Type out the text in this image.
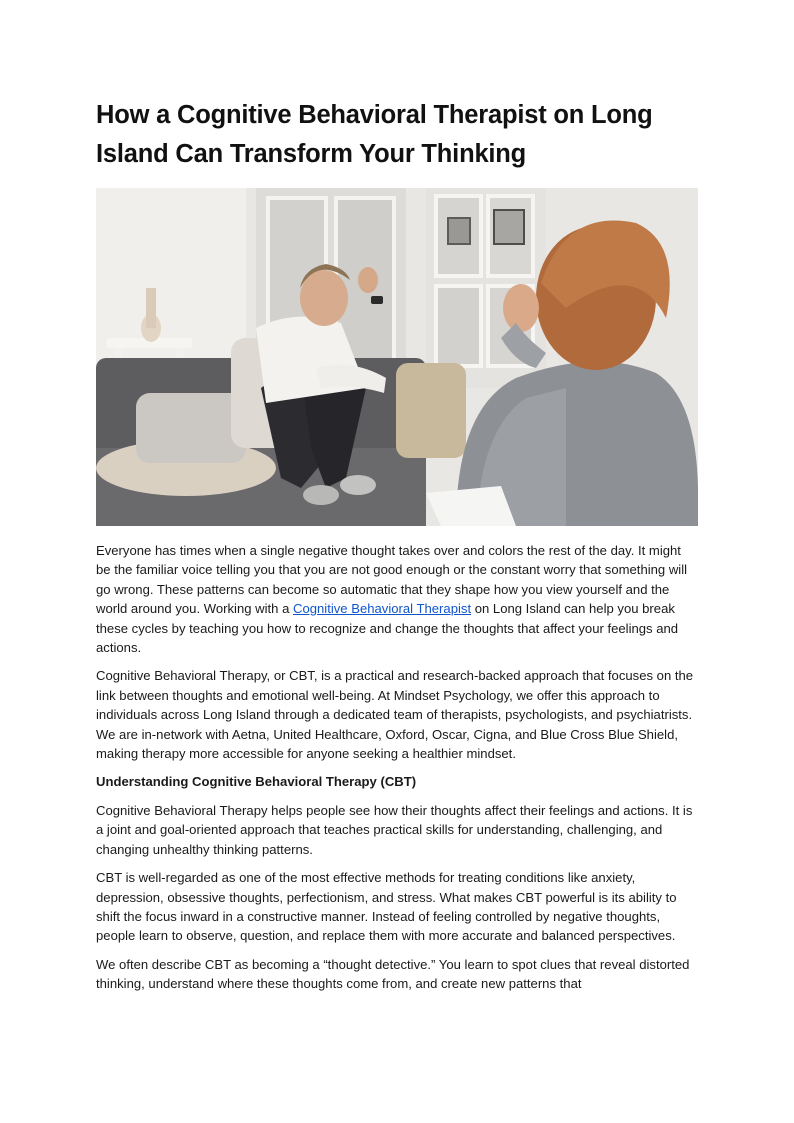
How a Cognitive Behavioral Therapist on Long Island Can Transform Your Thinking

Everyone has times when a single negative thought takes over and colors the rest of the day. It might be the familiar voice telling you that you are not good enough or the constant worry that something will go wrong. These patterns can become so automatic that they shape how you view yourself and the world around you. Working with a Cognitive Behavioral Therapist on Long Island can help you break these cycles by teaching you how to recognize and change the thoughts that affect your feelings and actions.

Cognitive Behavioral Therapy, or CBT, is a practical and research-backed approach that focuses on the link between thoughts and emotional well-being. At Mindset Psychology, we offer this approach to individuals across Long Island through a dedicated team of therapists, psychologists, and psychiatrists. We are in-network with Aetna, United Healthcare, Oxford, Oscar, Cigna, and Blue Cross Blue Shield, making therapy more accessible for anyone seeking a healthier mindset.

Understanding Cognitive Behavioral Therapy (CBT)

Cognitive Behavioral Therapy helps people see how their thoughts affect their feelings and actions. It is a joint and goal-oriented approach that teaches practical skills for understanding, challenging, and changing unhealthy thinking patterns.

CBT is well-regarded as one of the most effective methods for treating conditions like anxiety, depression, obsessive thoughts, perfectionism, and stress. What makes CBT powerful is its ability to shift the focus inward in a constructive manner. Instead of feeling controlled by negative thoughts, people learn to observe, question, and replace them with more accurate and balanced perspectives.

We often describe CBT as becoming a “thought detective.” You learn to spot clues that reveal distorted thinking, understand where these thoughts come from, and create new patterns that
